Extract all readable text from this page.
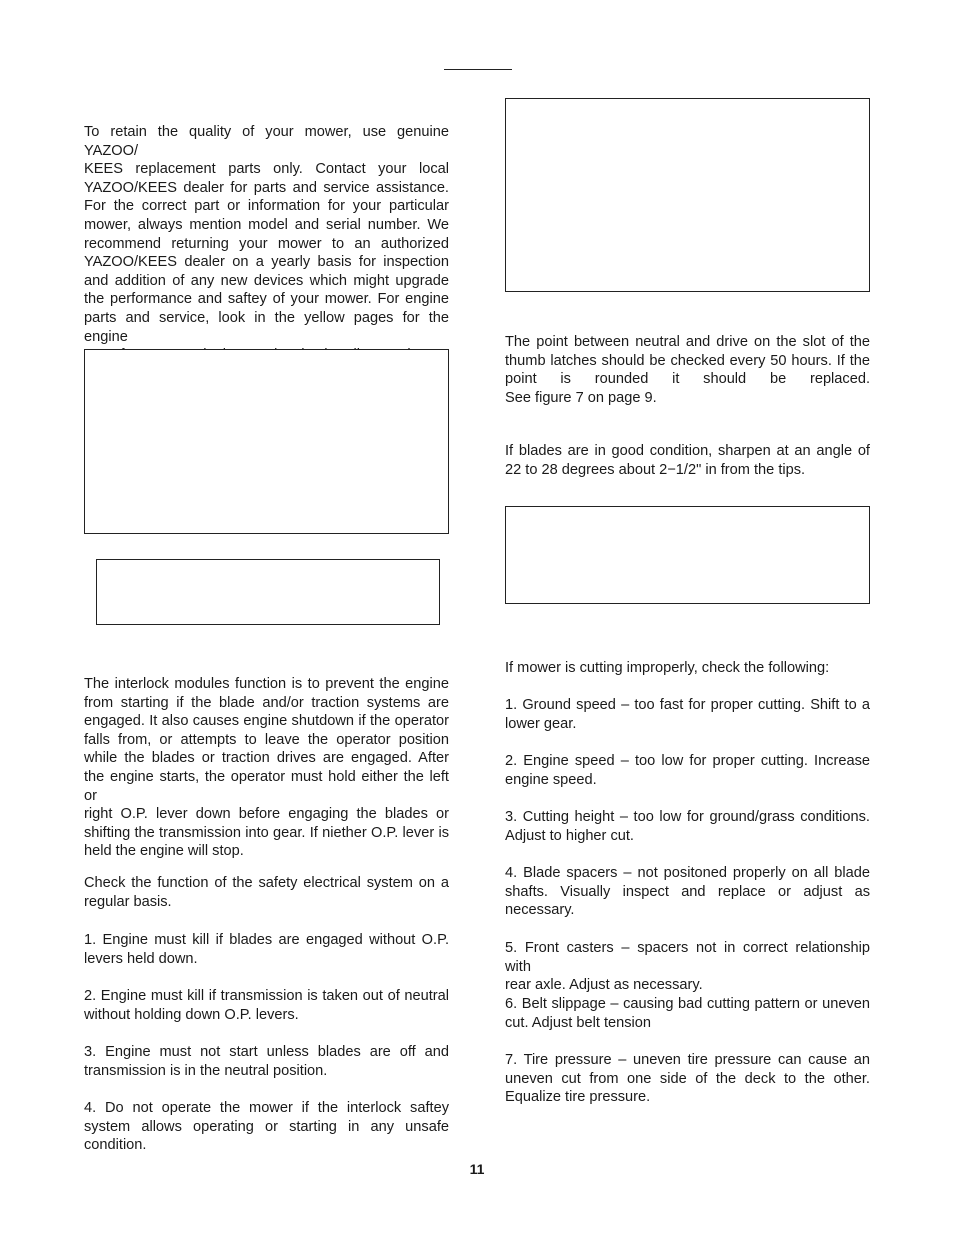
To retain the quality of your mower, use genuine YAZOO/
KEES replacement parts only. Contact your local
YAZOO/KEES dealer for parts and service assistance.
For the correct part or information for your particular
mower, always mention model and serial number. We
recommend returning your mower to an authorized
YAZOO/KEES dealer on a yearly basis for inspection
and addition of any new devices which might upgrade
the performance and saftey of your mower. For engine
parts and service, look in the yellow pages for the engine
The interlock modules function is to prevent the engine
from starting if the blade and/or traction systems are
engaged. It also causes engine shutdown if the operator
falls from, or attempts to leave the operator position
while the blades or traction drives are engaged. After
the engine starts, the operator must hold either the left or
right O.P. lever down before engaging the blades or
shifting the transmission into gear. If niether O.P. lever is
held the engine will stop.
Check the function of the safety electrical system on a
regular basis.
1. Engine must kill if blades are engaged without O.P.
levers held down.
2. Engine must kill if transmission is taken out of neutral
without holding down O.P. levers.
3. Engine must not start unless blades are off and
transmission is in the neutral position.
4. Do not operate the mower if the interlock saftey
system allows operating or starting in any unsafe
condition.
The point between neutral and drive on the slot of the
thumb latches should be checked every 50 hours. If the
point is rounded it should be replaced.
See figure 7 on page 9.
If blades are in good condition, sharpen at an angle of
22 to 28 degrees about 2−1/2" in from the tips.
If mower is cutting improperly, check the following:
1. Ground speed – too fast for proper cutting. Shift to a
lower gear.
2. Engine speed – too low for proper cutting. Increase
engine speed.
3. Cutting height – too low for ground/grass conditions.
Adjust to higher cut.
4. Blade spacers – not positoned properly on all blade
shafts. Visually inspect and replace or adjust as
necessary.
5. Front casters – spacers not in correct relationship with
rear axle. Adjust as necessary.
6. Belt slippage – causing bad cutting pattern or uneven
cut. Adjust belt tension
7. Tire pressure – uneven tire pressure can cause an
uneven cut from one side of the deck to the other.
Equalize tire pressure.
11
